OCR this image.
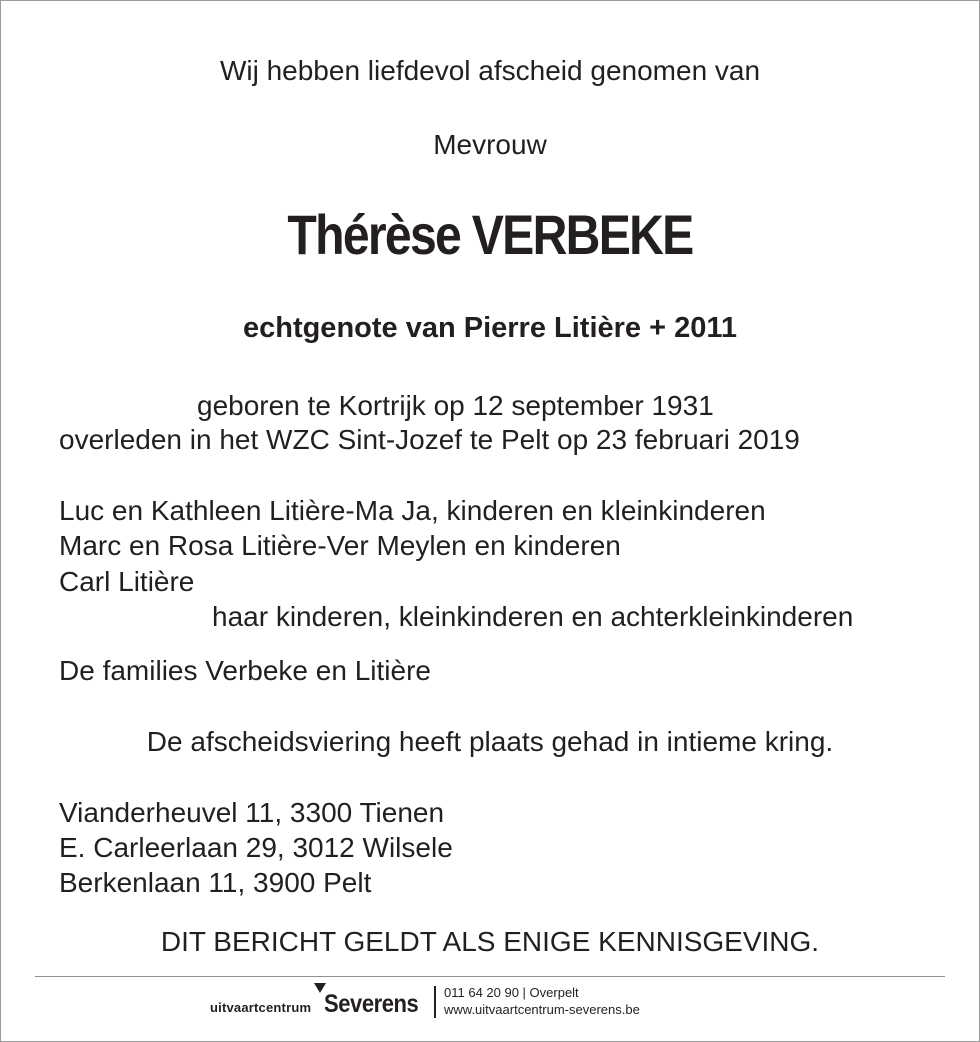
Wij hebben liefdevol afscheid genomen van
Mevrouw
Thérèse VERBEKE
echtgenote van Pierre Litière + 2011
geboren te Kortrijk op 12 september 1931
overleden in het WZC Sint-Jozef te Pelt op 23 februari 2019
Luc en Kathleen Litière-Ma Ja, kinderen en kleinkinderen
Marc en Rosa Litière-Ver Meylen en kinderen
Carl Litière
haar kinderen, kleinkinderen en achterkleinkinderen
De families Verbeke en Litière
De afscheidsviering heeft plaats gehad in intieme kring.
Vianderheuvel 11, 3300 Tienen
E. Carleerlaan 29, 3012 Wilsele
Berkenlaan 11, 3900 Pelt
DIT BERICHT GELDT ALS ENIGE KENNISGEVING.
uitvaartcentrum Severens 011 64 20 90 | Overpelt
www.uitvaartcentrum-severens.be
